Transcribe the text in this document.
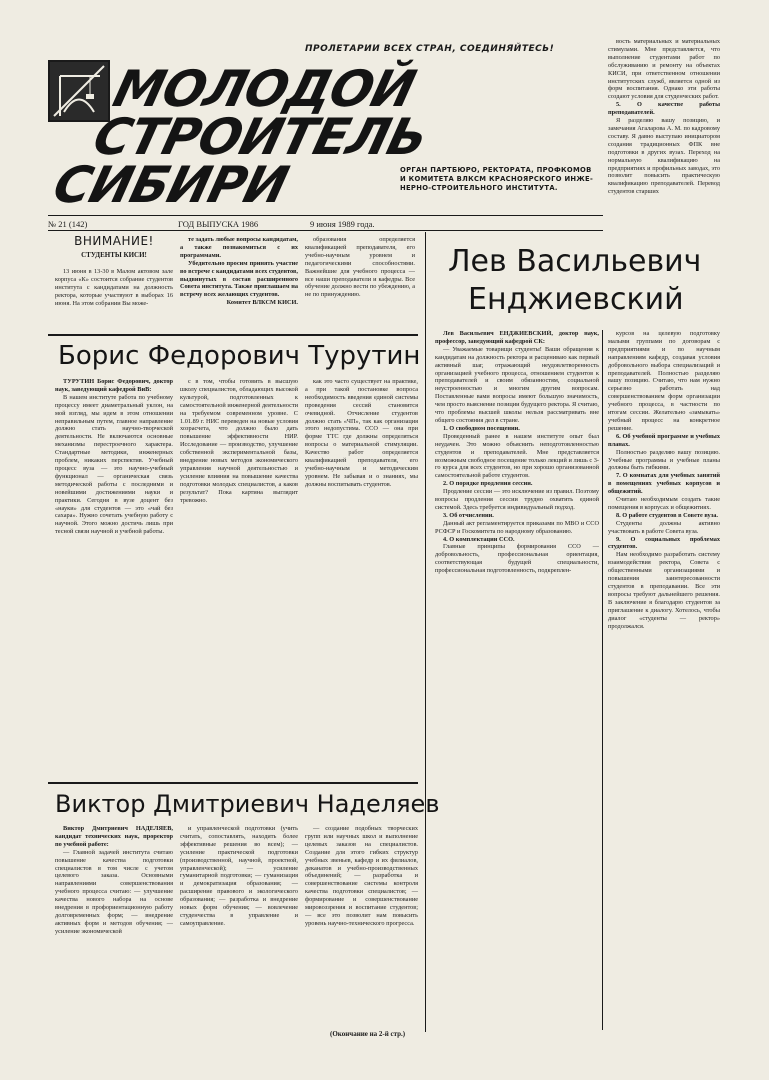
ПРОЛЕТАРИИ ВСЕХ СТРАН, СОЕДИНЯЙТЕСЬ!
МОЛОДОЙ
СТРОИТЕЛЬ
СИБИРИ	ОРГАН ПАРТБЮРО, РЕКТОРАТА, ПРОФКОМОВ И КОМИТЕТА ВЛКСМ КРАСНОЯРСКОГО ИНЖЕ-НЕРНО-СТРОИТЕЛЬНОГО ИНСТИТУТА.

вость материальных и материальных стимулами. Мне представляется, что выполнение студентами работ по обслуживанию и ремонту на объектах КИСИ, при ответственном отношении институтских служб, является одной из форм воспитания. Однако эти работы создают условия для студенческих работ.

5. О качестве работы преподавателей.

Я разделяю вашу позицию, и замечания Агаларова А. М. по кадровому составу. Я давно выступаю инициатором создания традиционных ФПК вне подготовки в других вузах. Переход на нормальную квалификацию на предприятиях и профильных заводах, это позволит повысить практическую квалификацию преподавателей. Перевод студентов старших

№ 21 (142)	ГОД ВЫПУСКА 1986	9 июня 1989 года.
ВНИМАНИЕ!
СТУДЕНТЫ КИСИ!

13 июня в 13-30 в Малом актовом зале корпуса «К» состоится собрание студентов института с кандидатами на должность ректора, которые участвуют в выборах 16 июня. На этом собрании Вы може-

те задать любые вопросы кандидатам, а также познакомиться с их программами.

Убедительно просим принять участие во встрече с кандидатами всех студентов, выдвинутых в состав расширенного Совета института. Также приглашаем на встречу всех желающих студентов.

Комитет ВЛКСМ КИСИ.

образования определяется квалификацией преподавателя, его учебно-научным уровнем и педагогическими способностями. Важнейшие для учебного процесса — все наши преподаватели и кафедры. Все обучение должно вести по убеждению, а не по принуждению.

Борис Федорович Турутин

ТУРУТИН Борис Федорович, доктор наук, заведующий кафедрой ВиВ:

В нашем институте работа по учебному процессу имеет диаметральный уклон, на мой взгляд, мы идем в этом отношении неправильным путем, главное направление должно стать научно-творческой деятельности. Не включаются основные механизмы перестроечного характера. Стандартные методики, инженерных проблем, никаких перспектив. Учебный процесс вуза — это научно-учебный функционал — органическая связь методической работы с последними и новейшими достижениями науки и практики. Сегодня в вузе доцент без «науки» для студентов — это «чай без сахара». Нужно сочетать учебную работу с научной. Этого можно достичь лишь при тесной связи научной и учебной работы.

с в том, чтобы готовить в высшую школу специалистов, обладающих высокой культурой, подготовленных к самостоятельной инженерной деятельности на требуемом современном уровне. С 1.01.89 г. НИС переведен на новые условия хозрасчета, что должно было дать повышение эффективности НИР. Исследование — производство, улучшение собственной экспериментальной базы, внедрение новых методов экономического управления научной деятельностью и усиление влияния на повышение качества подготовки молодых специалистов, а каков результат? Пока картина выглядит тревожно.

как это часто существует на практике, а при такой постановке вопроса необходимость введения единой системы проведения сессий становится очевидной. Отчисление студентов должно стать «ЧП», так как организация этого недопустима. ССО — она при форме ТТС где должны определяться вопросы о материальной стимуляции. Качество работ определяется квалификацией преподавателя, его учебно-научным и методическим уровнем. Не забывая и о знаниях, мы должны воспитывать студентов.

Виктор Дмитриевич Наделяев

Виктор Дмитриевич НАДЕЛЯЕВ, кандидат технических наук, проректор по учебной работе:

— Главной задачей института считаю повышение качества подготовки специалистов в том числе с учетом целевого заказа. Основными направлениями совершенствования учебного процесса считаю: — улучшение качества нового набора на основе внедрения в профориентационную работу долговременных форм; — внедрение активных форм и методов обучения; — усиление экономической

и управленческой подготовки (учить считать, сопоставлять, находить более эффективные решения во всем); — усиление практической подготовки (производственной, научной, проектной, управленческой); — усиление гуманитарной подготовки; — гуманизация и демократизация образования; — расширение правового и экологического образования; — разработка и внедрение новых форм обучения; — вовлечение студенчества в управление и самоуправление.

— создание подобных творческих групп или научных школ и выполнение целевых заказов на специалистов. Создание для этого гибких структур учебных звеньев, кафедр и их филиалов, деканатов и учебно-производственных объединений; — разработка и совершенствование системы контроля качества подготовки специалистов; — формирование и совершенствование мировоззрения и воспитание студентов; — все это позволит нам повысить уровень научно-технического прогресса.

(Окончание на 2-й стр.)
Лев Васильевич
Енджиевский

Лев Васильевич ЕНДЖИЕВСКИЙ, доктор наук, профессор, заведующий кафедрой СК:

— Уважаемые товарищи студенты! Ваши обращения к кандидатам на должность ректора и расцениваю как первый активный шаг, отражающий неудовлетворенность организацией учебного процесса, отношением студентов к преподавателей и своим обязанностям, социальной неустроенностью и многим другим вопросам. Поставленные вами вопросы имеют большую значимость, чем просто выяснение позиции будущего ректора. Я считаю, что проблемы высшей школы нельзя рассматривать вне общего состояния дел в стране.

1. О свободном посещении.

Проведенный ранее в нашем институте опыт был неудачен. Это можно объяснить неподготовленностью студентов и преподавателей. Мне представляется возможным свободное посещение только лекций и лишь с 3-го курса для всех студентов, но при хорошо организованной самостоятельной работе студентов.

2. О порядке продления сессии.

Продление сессии — это исключение из правил. Поэтому вопросы продления сессии трудно охватить единой системой. Здесь требуется индивидуальный подход.

3. Об отчислении.

Данный акт регламентируется приказами по МВО и ССО РСФСР и Госкомитета по народному образованию.

4. О комплектации ССО.

Главные принципы формирования ССО — добровольность, профессиональная ориентация, соответствующая будущей специальности, профессиональная подготовленность, подкреплен-

курсов на целевую подготовку малыми группами по договорам с предприятиями и по научным направлениям кафедр, создавая условия добровольного выбора специализаций и преподавателей. Полностью разделяю вашу позицию. Считаю, что нам нужно серьезно работать над совершенствованием форм организации учебного процесса, в частности по итогам сессии. Желательно «замыкать» учебный процесс на конкретное решение.

6. Об учебной программе и учебных планах.

Полностью разделяю вашу позицию. Учебные программы и учебные планы должны быть гибкими.

7. О комнатах для учебных занятий в помещениях учебных корпусов и общежитий.

Считаю необходимым создать такие помещения в корпусах и общежитиях.

8. О работе студентов в Совете вуза.

Студенты должны активно участвовать в работе Совета вуза.

9. О социальных проблемах студентов.

Нам необходимо разработать систему взаимодействия ректора, Совета с общественными организациями и повышения заинтересованности студентов в преподавании. Все эти вопросы требуют дальнейшего решения. В заключение я благодарю студентов за приглашение к диалогу. Хотелось, чтобы диалог «студенты — ректор» продолжался.
